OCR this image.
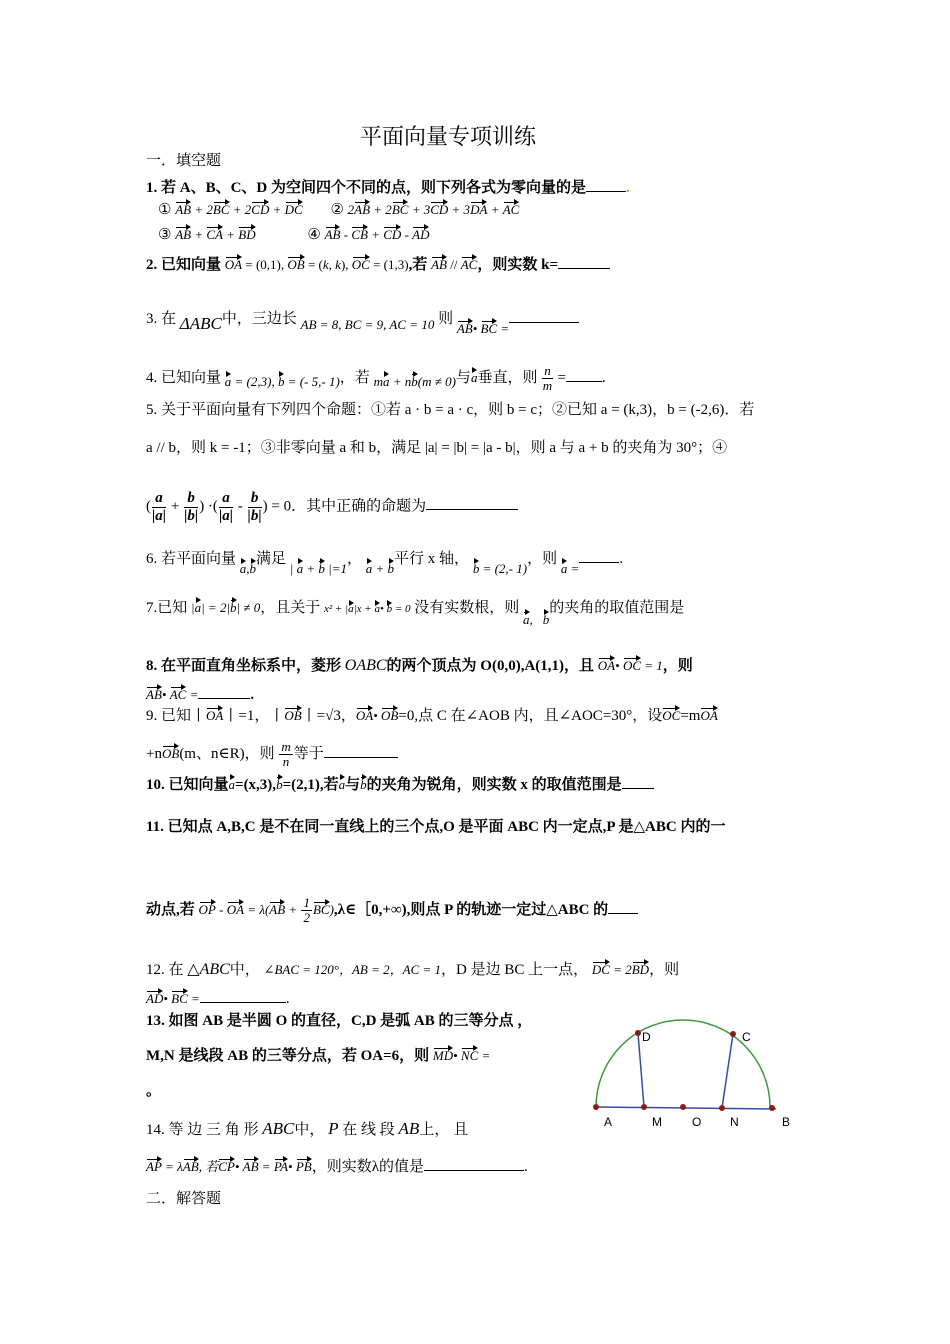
平面向量专项训练
一．填空题
1. 若 A、B、C、D 为空间四个不同的点，则下列各式为零向量的是	.
① AB + 2BC + 2CD + DC ② 2AB + 2BC + 3CD + 3DA + AC
③ AB + CA + BD	④ AB - CB + CD - AD
2. 已知向量 OA = (0,1), OB = (k, k), OC = (1,3),若 AB // AC，则实数 k=
3. 在 ΔABC中，三边长 AB = 8, BC = 9, AC = 10 则 AB• BC =
4. 已知向量 a = (2,3), b = (- 5,- 1)，若 ma + nb(m ≠ 0)与a垂直，则 $\frac{n}{m}$ = .
5. 关于平面向量有下列四个命题：①若 a · b = a · c，则 b = c；②已知 a = (k,3)，b = (-2,6)．若
a // b，则 k = -1；③非零向量 a 和 b，满足 |a| = |b| = |a - b|，则 a 与 a + b 的夹角为 30°；④
( $\frac{a}{|a|} + \frac{b}{|b|}$ ) ·( $\frac{a}{|a|} - \frac{b}{|b|}$ ) = 0．其中正确的命题为
6. 若平面向量 a,b满足 | a + b |=1， a + b平行 x 轴， b = (2,- 1)，则 a =.
7.已知 |a| = 2|b| ≠ 0，且关于 x² + |a|x + a• b = 0 没有实数根，则 a, b的夹角的取值范围是
8. 在平面直角坐标系中，菱形 OABC的两个顶点为 O(0,0),A(1,1)，且 OA• OC = 1，则
AB• AC =	.
9. 已知丨OA丨=1，丨OB丨=√3，OA• OB=0,点 C 在∠AOB 内，且∠AOC=30°，设OC=mOA
+nOB(m、n∈R)，则 $\frac{m}{n}$ 等于
10. 已知向量a=(x,3),b=(2,1),若a与b的夹角为锐角，则实数 x 的取值范围是
11. 已知点 A,B,C 是不在同一直线上的三个点,O 是平面 ABC 内一定点,P 是△ABC 内的一
动点,若 OP - OA = $\lambda(AB + \frac{1}{2}$ BC),λ∈［0,+∞),则点 P 的轨迹一定过△ABC 的
12. 在 △ABC中， ∠BAC = 120°，AB = 2，AC = 1，D 是边 BC 上一点， DC = 2BD，则
AD• BC =	.
13. 如图 AB 是半圆 O 的直径，C,D 是弧 AB 的三等分点 ，
M,N 是线段 AB 的三等分点，若 OA=6，则 MD• NC =
。
A	M	O N	B
C
D
14. 等 边 三 角 形 ABC中， P 在 线 段 AB上， 且
AP = λAB, 若CP• AB = PA• PB，则实数λ的值是	.
二．解答题
